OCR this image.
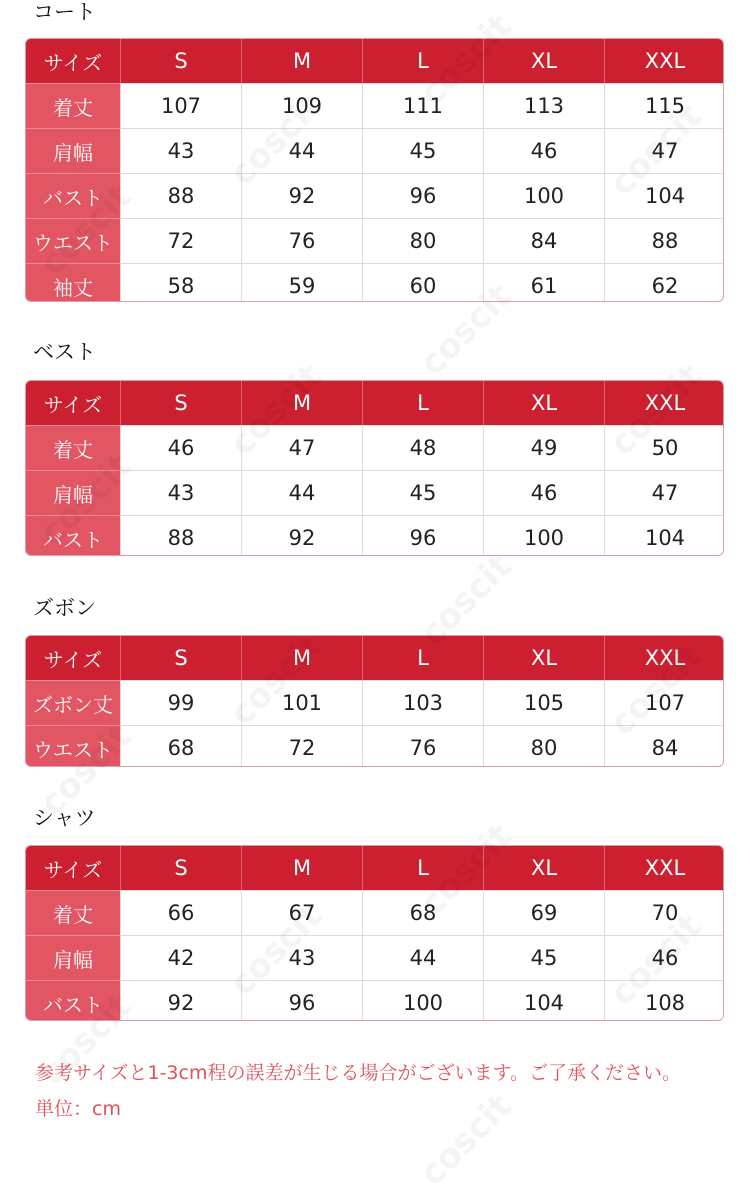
コート
サイズ	S	M	L	XL	XXL
着丈	107	109	111	113	115
肩幅	43	44	45	46	47
バスト	88	92	96	100	104
ウエスト	72	76	80	84	88
袖丈	58	59	60	61	62
ベスト
サイズ	S	M	L	XL	XXL
着丈	46	47	48	49	50
肩幅	43	44	45	46	47
バスト	88	92	96	100	104
ズボン
サイズ	S	M	L	XL	XXL
ズボン丈	99	101	103	105	107
ウエスト	68	72	76	80	84
シャツ
サイズ	S	M	L	XL	XXL
着丈	66	67	68	69	70
肩幅	42	43	44	45	46
バスト	92	96	100	104	108
参考サイズと1-3cm程の誤差が生じる場合がございます。ご了承ください。
単位：cm
